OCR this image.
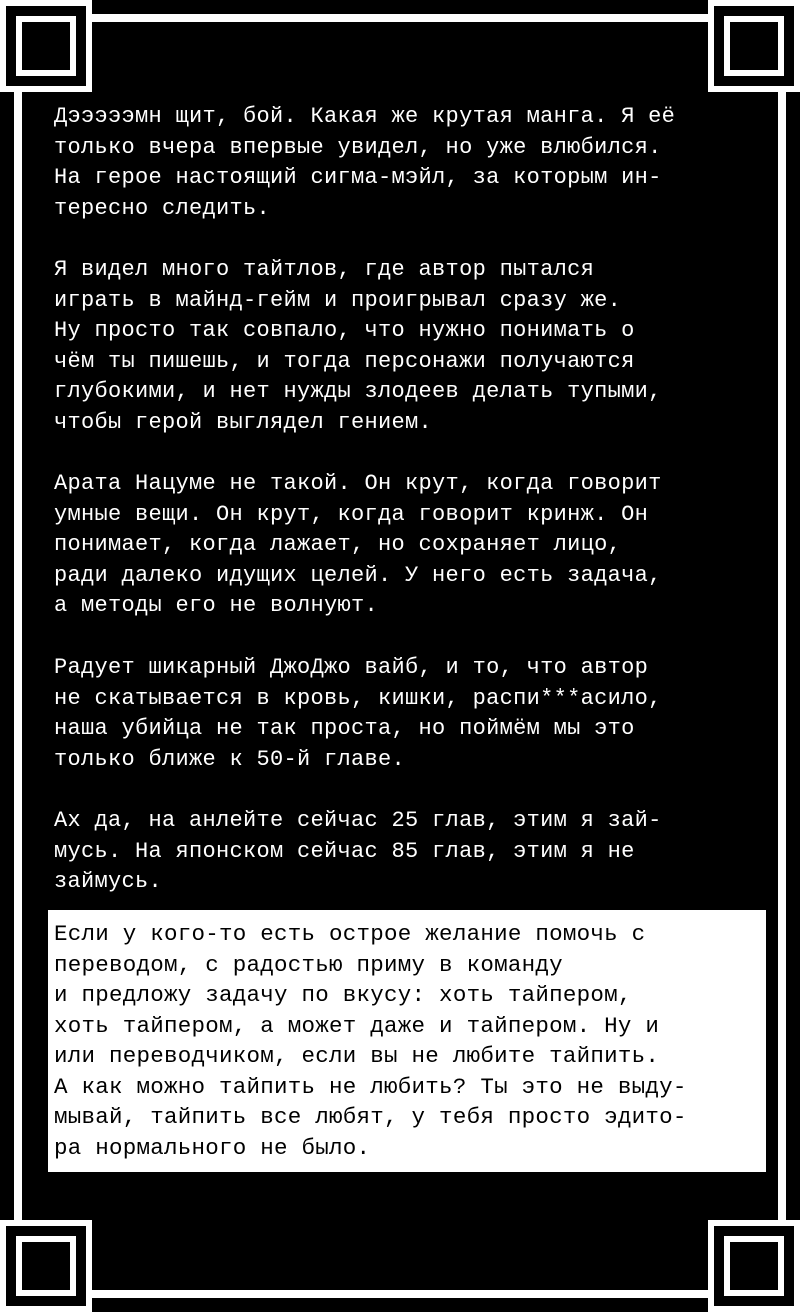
Дэээээмн щит, бой. Какая же крутая манга. Я её
только вчера впервые увидел, но уже влюбился.
На герое настоящий сигма-мэйл, за которым ин-
тересно следить.
Я видел много тайтлов, где автор пытался
играть в майнд-гейм и проигрывал сразу же.
Ну просто так совпало, что нужно понимать о
чём ты пишешь, и тогда персонажи получаются
глубокими, и нет нужды злодеев делать тупыми,
чтобы герой выглядел гением.
Арата Нацуме не такой. Он крут, когда говорит
умные вещи. Он крут, когда говорит кринж. Он
понимает, когда лажает, но сохраняет лицо,
ради далеко идущих целей. У него есть задача,
а методы его не волнуют.
Радует шикарный ДжоДжо вайб, и то, что автор
не скатывается в кровь, кишки, распи***асило,
наша убийца не так проста, но поймём мы это
только ближе к 50-й главе.
Ах да, на анлейте сейчас 25 глав, этим я зай-
мусь. На японском сейчас 85 глав, этим я не
займусь.
Если у кого-то есть острое желание помочь с
переводом, с радостью приму в команду
и предложу задачу по вкусу: хоть тайпером,
хоть тайпером, а может даже и тайпером. Ну и
или переводчиком, если вы не любите тайпить.
А как можно тайпить не любить? Ты это не выду-
мывай, тайпить все любят, у тебя просто эдито-
ра нормального не было.
